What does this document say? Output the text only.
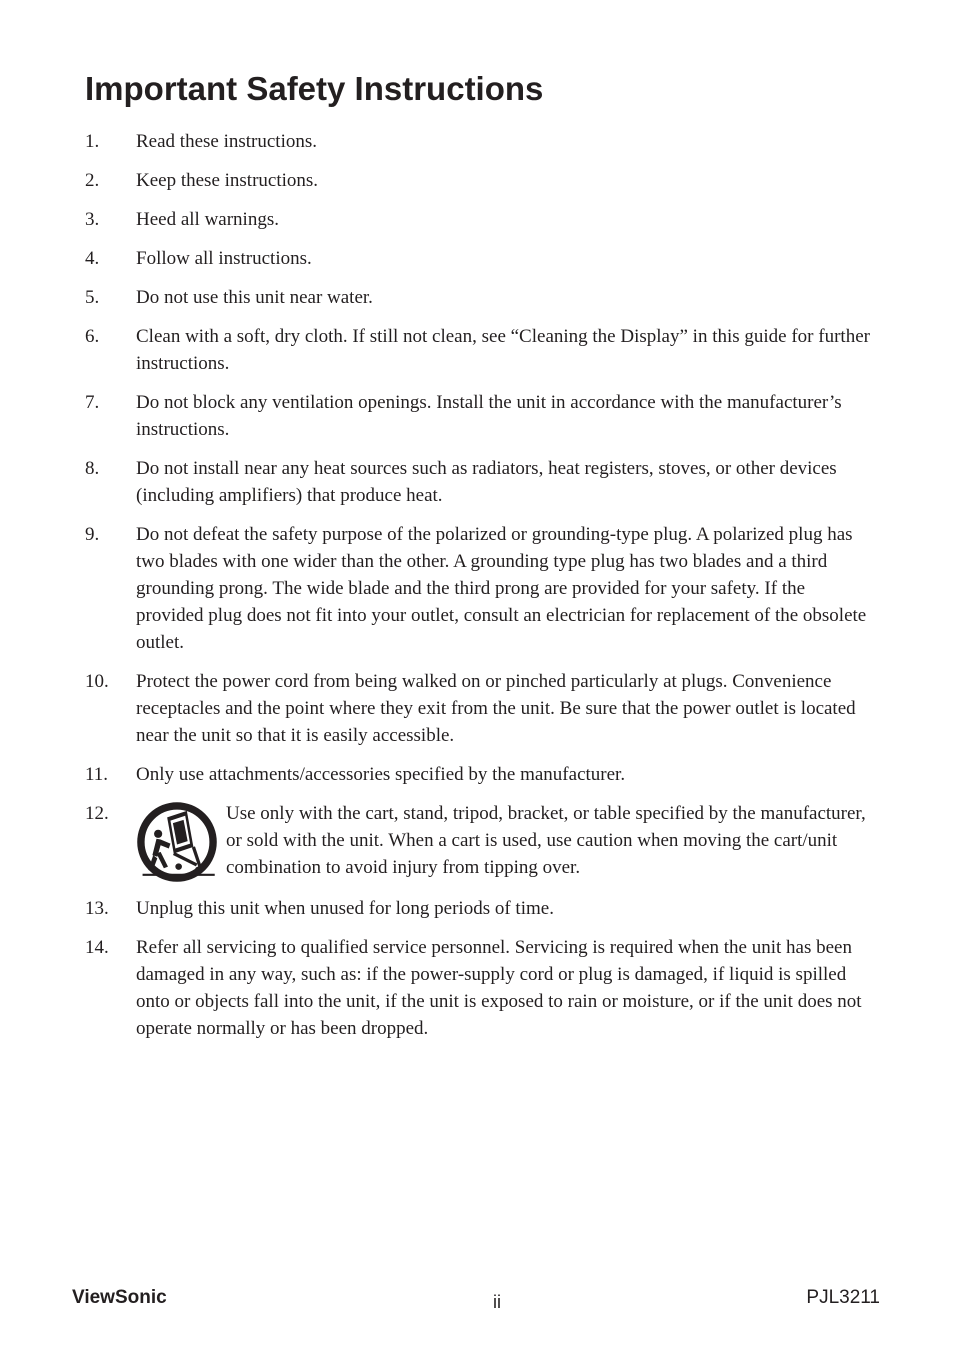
Important Safety Instructions
1.	Read these instructions.
2.	Keep these instructions.
3.	Heed all warnings.
4.	Follow all instructions.
5.	Do not use this unit near water.
6.	Clean with a soft, dry cloth. If still not clean, see “Cleaning the Display” in this guide for further instructions.
7.	Do not block any ventilation openings. Install the unit in accordance with the manufacturer’s instructions.
8.	Do not install near any heat sources such as radiators, heat registers, stoves, or other devices (including amplifiers) that produce heat.
9.	Do not defeat the safety purpose of the polarized or grounding-type plug. A polarized plug has two blades with one wider than the other. A grounding type plug has two blades and a third grounding prong. The wide blade and the third prong are provided for your safety. If the provided plug does not fit into your outlet, consult an electrician for replacement of the obsolete outlet.
10.	Protect the power cord from being walked on or pinched particularly at plugs. Convenience receptacles and the point where they exit from the unit. Be sure that the power outlet is located near the unit so that it is easily accessible.
11.	Only use attachments/accessories specified by the manufacturer.
12.	Use only with the cart, stand, tripod, bracket, or table specified by the manufacturer, or sold with the unit. When a cart is used, use caution when moving the cart/unit combination to avoid injury from tipping over.
13.	Unplug this unit when unused for long periods of time.
14.	Refer all servicing to qualified service personnel. Servicing is required when the unit has been damaged in any way, such as: if the power-supply cord or plug is damaged, if liquid is spilled onto or objects fall into the unit, if the unit is exposed to rain or moisture, or if the unit does not operate normally or has been dropped.
ViewSonic	ii	PJL3211
